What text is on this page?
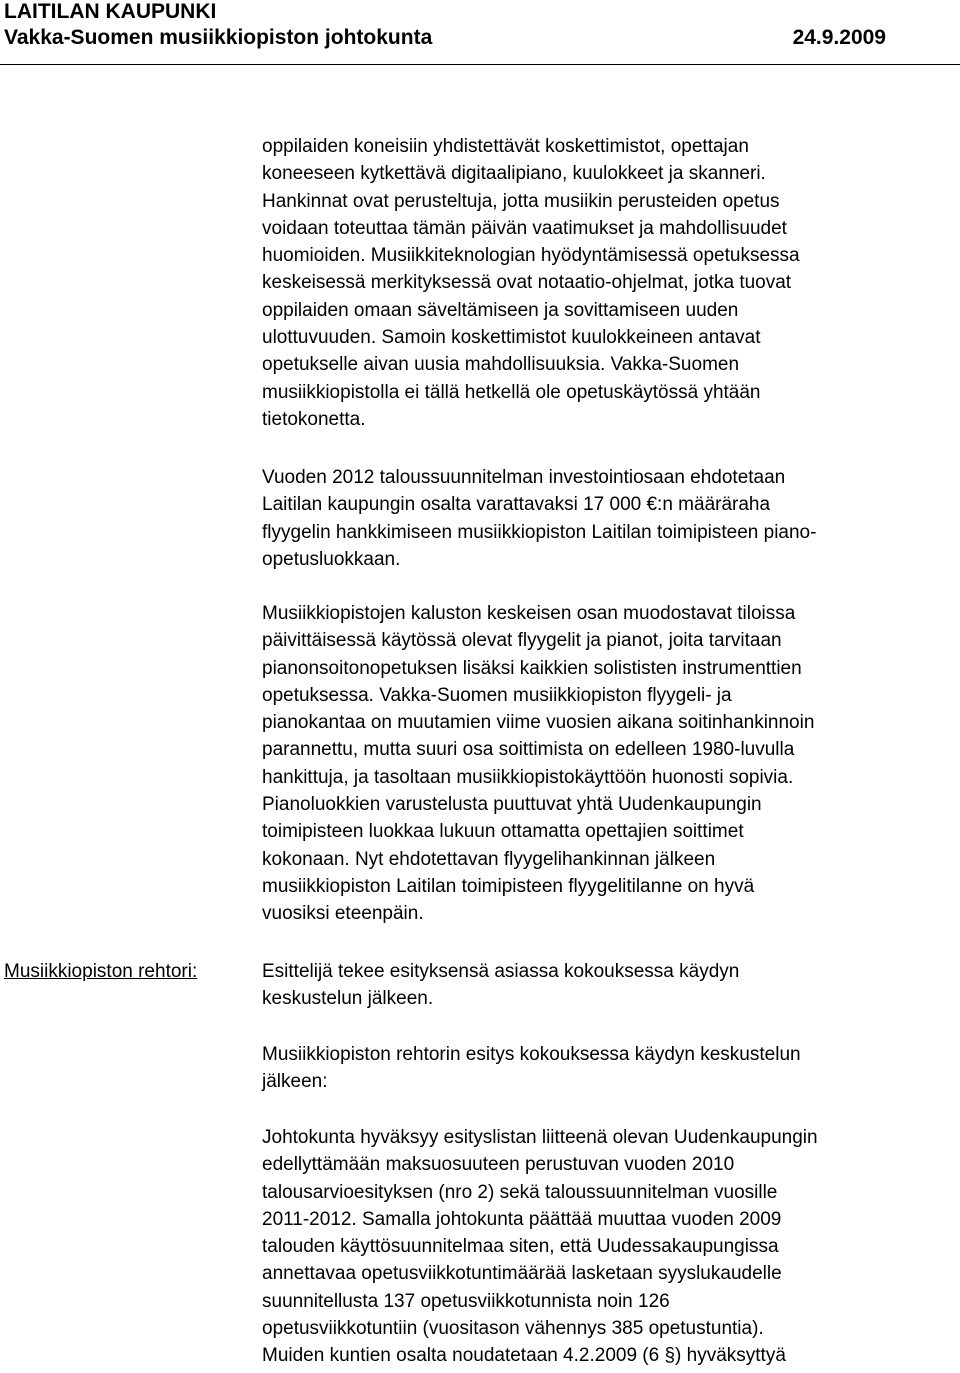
LAITILAN KAUPUNKI
Vakka-Suomen musiikkiopiston johtokunta	24.9.2009

oppilaiden koneisiin yhdistettävät koskettimistot, opettajan

koneeseen kytkettävä digitaalipiano, kuulokkeet ja skanneri.

Hankinnat ovat perusteltuja, jotta musiikin perusteiden opetus

voidaan toteuttaa tämän päivän vaatimukset ja mahdollisuudet

huomioiden. Musiikkiteknologian hyödyntämisessä opetuksessa

keskeisessä merkityksessä ovat notaatio-ohjelmat, jotka tuovat

oppilaiden omaan säveltämiseen ja sovittamiseen uuden

ulottuvuuden. Samoin koskettimistot kuulokkeineen antavat

opetukselle aivan uusia mahdollisuuksia. Vakka-Suomen

musiikkiopistolla ei tällä hetkellä ole opetuskäytössä yhtään

tietokonetta.

Vuoden 2012 taloussuunnitelman investointiosaan ehdotetaan

Laitilan kaupungin osalta varattavaksi 17 000 €:n määräraha

flyygelin hankkimiseen musiikkiopiston Laitilan toimipisteen piano-

opetusluokkaan.

Musiikkiopistojen kaluston keskeisen osan muodostavat tiloissa

päivittäisessä käytössä olevat flyygelit ja pianot, joita tarvitaan

pianonsoitonopetuksen lisäksi kaikkien solististen instrumenttien

opetuksessa. Vakka-Suomen musiikkiopiston flyygeli- ja

pianokantaa on muutamien viime vuosien aikana soitinhankinnoin

parannettu, mutta suuri osa soittimista on edelleen 1980-luvulla

hankittuja, ja tasoltaan musiikkiopistokäyttöön huonosti sopivia.

Pianoluokkien varustelusta puuttuvat yhtä Uudenkaupungin

toimipisteen luokkaa lukuun ottamatta opettajien soittimet

kokonaan. Nyt ehdotettavan flyygelihankinnan jälkeen

musiikkiopiston Laitilan toimipisteen flyygelitilanne on hyvä

vuosiksi eteenpäin.

Musiikkiopiston rehtori:	Esittelijä tekee esityksensä asiassa kokouksessa käydyn

keskustelun jälkeen.

Musiikkiopiston rehtorin esitys kokouksessa käydyn keskustelun

jälkeen:

Johtokunta hyväksyy esityslistan liitteenä olevan Uudenkaupungin

edellyttämään maksuosuuteen perustuvan vuoden 2010

talousarvioesityksen (nro 2) sekä taloussuunnitelman vuosille

2011-2012. Samalla johtokunta päättää muuttaa vuoden 2009

talouden käyttösuunnitelmaa siten, että Uudessakaupungissa

annettavaa opetusviikkotuntimäärää lasketaan syyslukaudelle

suunnitellusta 137 opetusviikkotunnista noin 126

opetusviikkotuntiin (vuositason vähennys 385 opetustuntia).

Muiden kuntien osalta noudatetaan 4.2.2009 (6 §) hyväksyttyä
